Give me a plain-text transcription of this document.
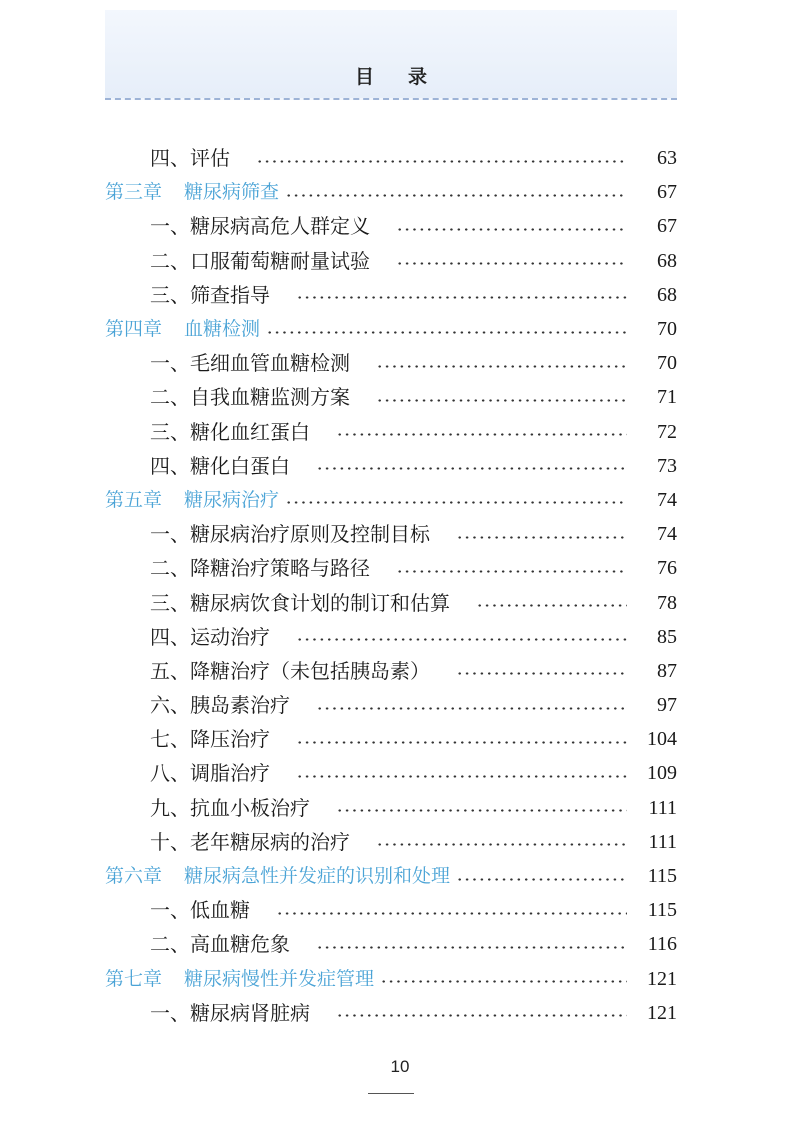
目 录
四、评估	63
第三章 糖尿病筛查	67
一、糖尿病高危人群定义	67
二、口服葡萄糖耐量试验	68
三、筛查指导	68
第四章 血糖检测	70
一、毛细血管血糖检测	70
二、自我血糖监测方案	71
三、糖化血红蛋白	72
四、糖化白蛋白	73
第五章 糖尿病治疗	74
一、糖尿病治疗原则及控制目标	74
二、降糖治疗策略与路径	76
三、糖尿病饮食计划的制订和估算	78
四、运动治疗	85
五、降糖治疗（未包括胰岛素）	87
六、胰岛素治疗	97
七、降压治疗	104
八、调脂治疗	109
九、抗血小板治疗	111
十、老年糖尿病的治疗	111
第六章 糖尿病急性并发症的识别和处理	115
一、低血糖	115
二、高血糖危象	116
第七章 糖尿病慢性并发症管理	121
一、糖尿病肾脏病	121
10
